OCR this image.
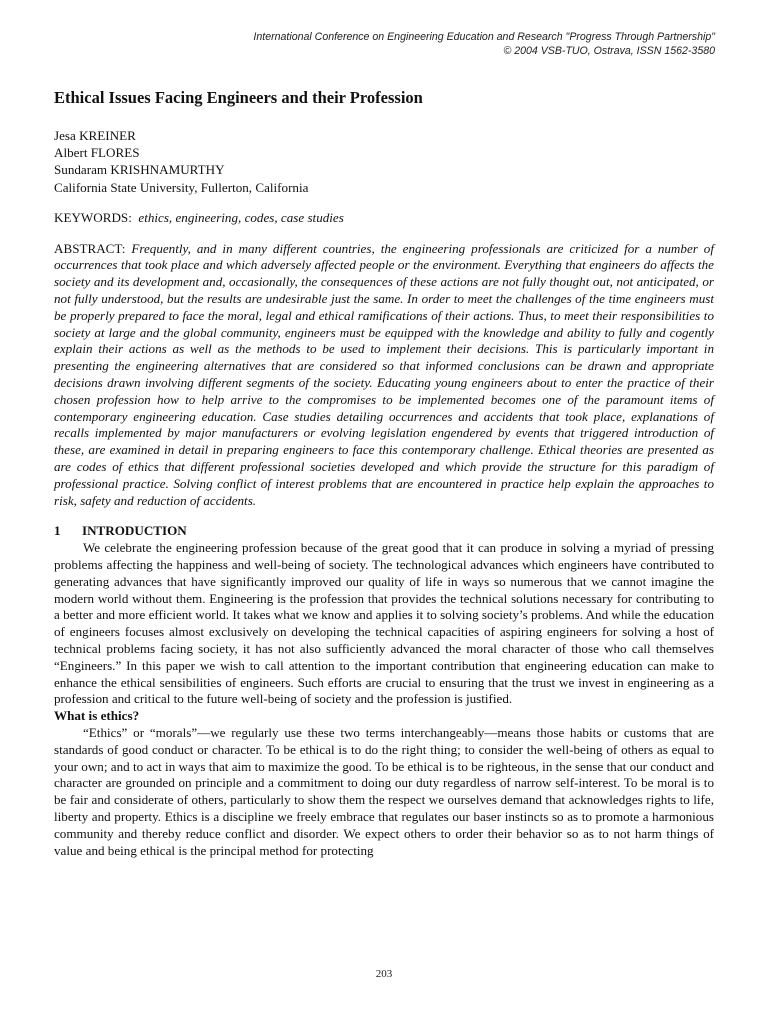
International Conference on Engineering Education and Research "Progress Through Partnership"
© 2004 VSB-TUO, Ostrava, ISSN 1562-3580
Ethical Issues Facing Engineers and their Profession
Jesa KREINER
Albert FLORES
Sundaram KRISHNAMURTHY
California State University, Fullerton, California
KEYWORDS: ethics, engineering, codes, case studies
ABSTRACT: Frequently, and in many different countries, the engineering professionals are criticized for a number of occurrences that took place and which adversely affected people or the environment. Everything that engineers do affects the society and its development and, occasionally, the consequences of these actions are not fully thought out, not anticipated, or not fully understood, but the results are undesirable just the same. In order to meet the challenges of the time engineers must be properly prepared to face the moral, legal and ethical ramifications of their actions. Thus, to meet their responsibilities to society at large and the global community, engineers must be equipped with the knowledge and ability to fully and cogently explain their actions as well as the methods to be used to implement their decisions. This is particularly important in presenting the engineering alternatives that are considered so that informed conclusions can be drawn and appropriate decisions drawn involving different segments of the society. Educating young engineers about to enter the practice of their chosen profession how to help arrive to the compromises to be implemented becomes one of the paramount items of contemporary engineering education. Case studies detailing occurrences and accidents that took place, explanations of recalls implemented by major manufacturers or evolving legislation engendered by events that triggered introduction of these, are examined in detail in preparing engineers to face this contemporary challenge. Ethical theories are presented as are codes of ethics that different professional societies developed and which provide the structure for this paradigm of professional practice. Solving conflict of interest problems that are encountered in practice help explain the approaches to risk, safety and reduction of accidents.
1 INTRODUCTION
We celebrate the engineering profession because of the great good that it can produce in solving a myriad of pressing problems affecting the happiness and well-being of society. The technological advances which engineers have contributed to generating advances that have significantly improved our quality of life in ways so numerous that we cannot imagine the modern world without them. Engineering is the profession that provides the technical solutions necessary for contributing to a better and more efficient world. It takes what we know and applies it to solving society’s problems. And while the education of engineers focuses almost exclusively on developing the technical capacities of aspiring engineers for solving a host of technical problems facing society, it has not also sufficiently advanced the moral character of those who call themselves “Engineers.” In this paper we wish to call attention to the important contribution that engineering education can make to enhance the ethical sensibilities of engineers. Such efforts are crucial to ensuring that the trust we invest in engineering as a profession and critical to the future well-being of society and the profession is justified.
What is ethics?
“Ethics” or “morals”—we regularly use these two terms interchangeably—means those habits or customs that are standards of good conduct or character. To be ethical is to do the right thing; to consider the well-being of others as equal to your own; and to act in ways that aim to maximize the good. To be ethical is to be righteous, in the sense that our conduct and character are grounded on principle and a commitment to doing our duty regardless of narrow self-interest. To be moral is to be fair and considerate of others, particularly to show them the respect we ourselves demand that acknowledges rights to life, liberty and property. Ethics is a discipline we freely embrace that regulates our baser instincts so as to promote a harmonious community and thereby reduce conflict and disorder. We expect others to order their behavior so as to not harm things of value and being ethical is the principal method for protecting
203
